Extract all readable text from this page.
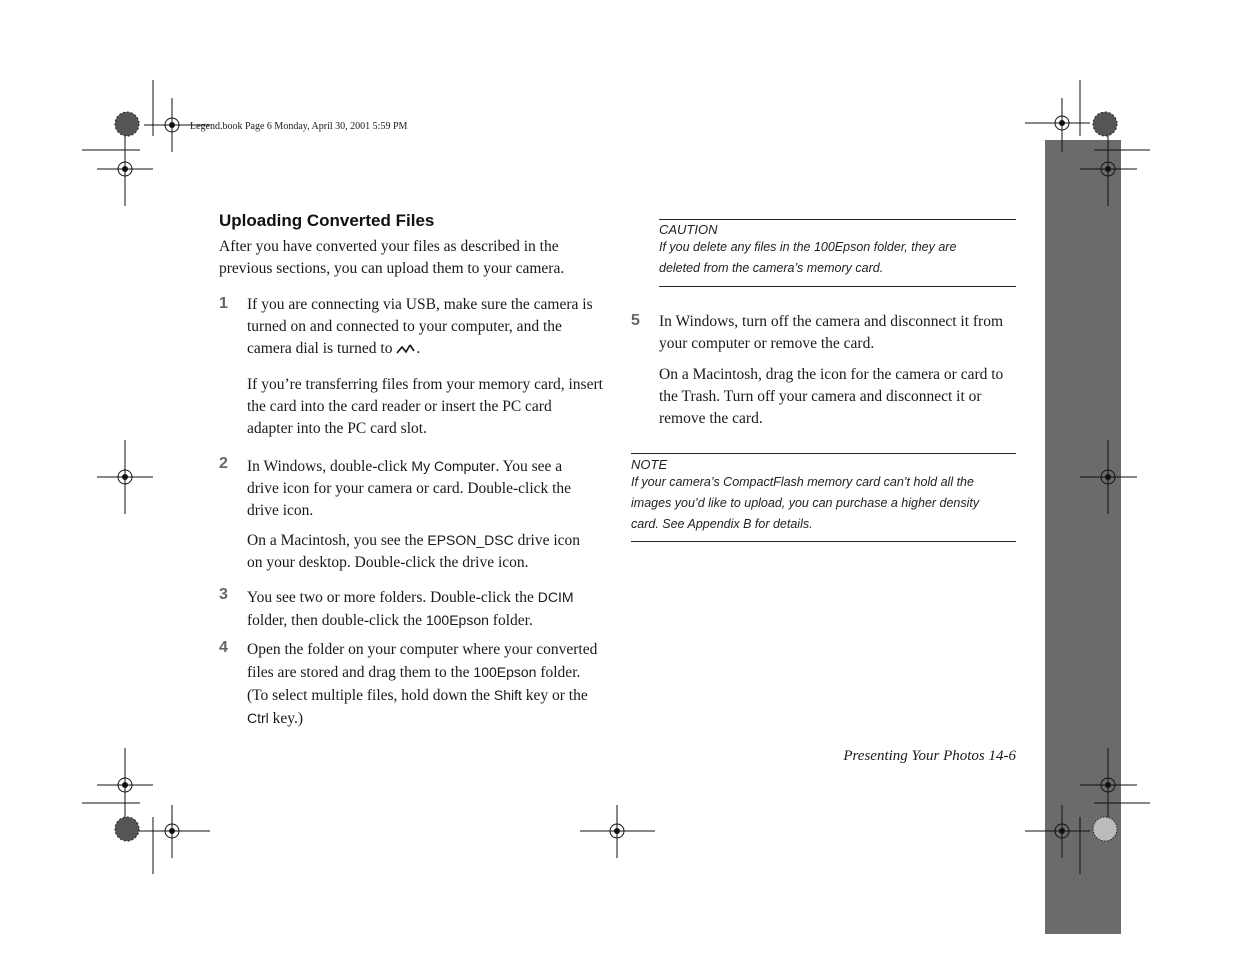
Legend.book Page 6 Monday, April 30, 2001 5:59 PM
Uploading Converted Files
After you have converted your files as described in the
previous sections, you can upload them to your camera.
1 If you are connecting via USB, make sure the camera is
turned on and connected to your computer, and the
camera dial is turned to .
If you’re transferring files from your memory card, insert
the card into the card reader or insert the PC card
adapter into the PC card slot.
2 In Windows, double-click My Computer. You see a
drive icon for your camera or card. Double-click the
drive icon.
On a Macintosh, you see the EPSON_DSC drive icon
on your desktop. Double-click the drive icon.
3 You see two or more folders. Double-click the DCIM
folder, then double-click the 100Epson folder.
4 Open the folder on your computer where your converted
files are stored and drag them to the 100Epson folder.
(To select multiple files, hold down the Shift key or the
Ctrl key.)
CAUTION
If you delete any files in the 100Epson folder, they are
deleted from the camera’s memory card.
5 In Windows, turn off the camera and disconnect it from
your computer or remove the card.
On a Macintosh, drag the icon for the camera or card to
the Trash. Turn off your camera and disconnect it or
remove the card.
NOTE
If your camera’s CompactFlash memory card can’t hold all the
images you’d like to upload, you can purchase a higher density
card. See Appendix B for details.
Presenting Your Photos 14-6
